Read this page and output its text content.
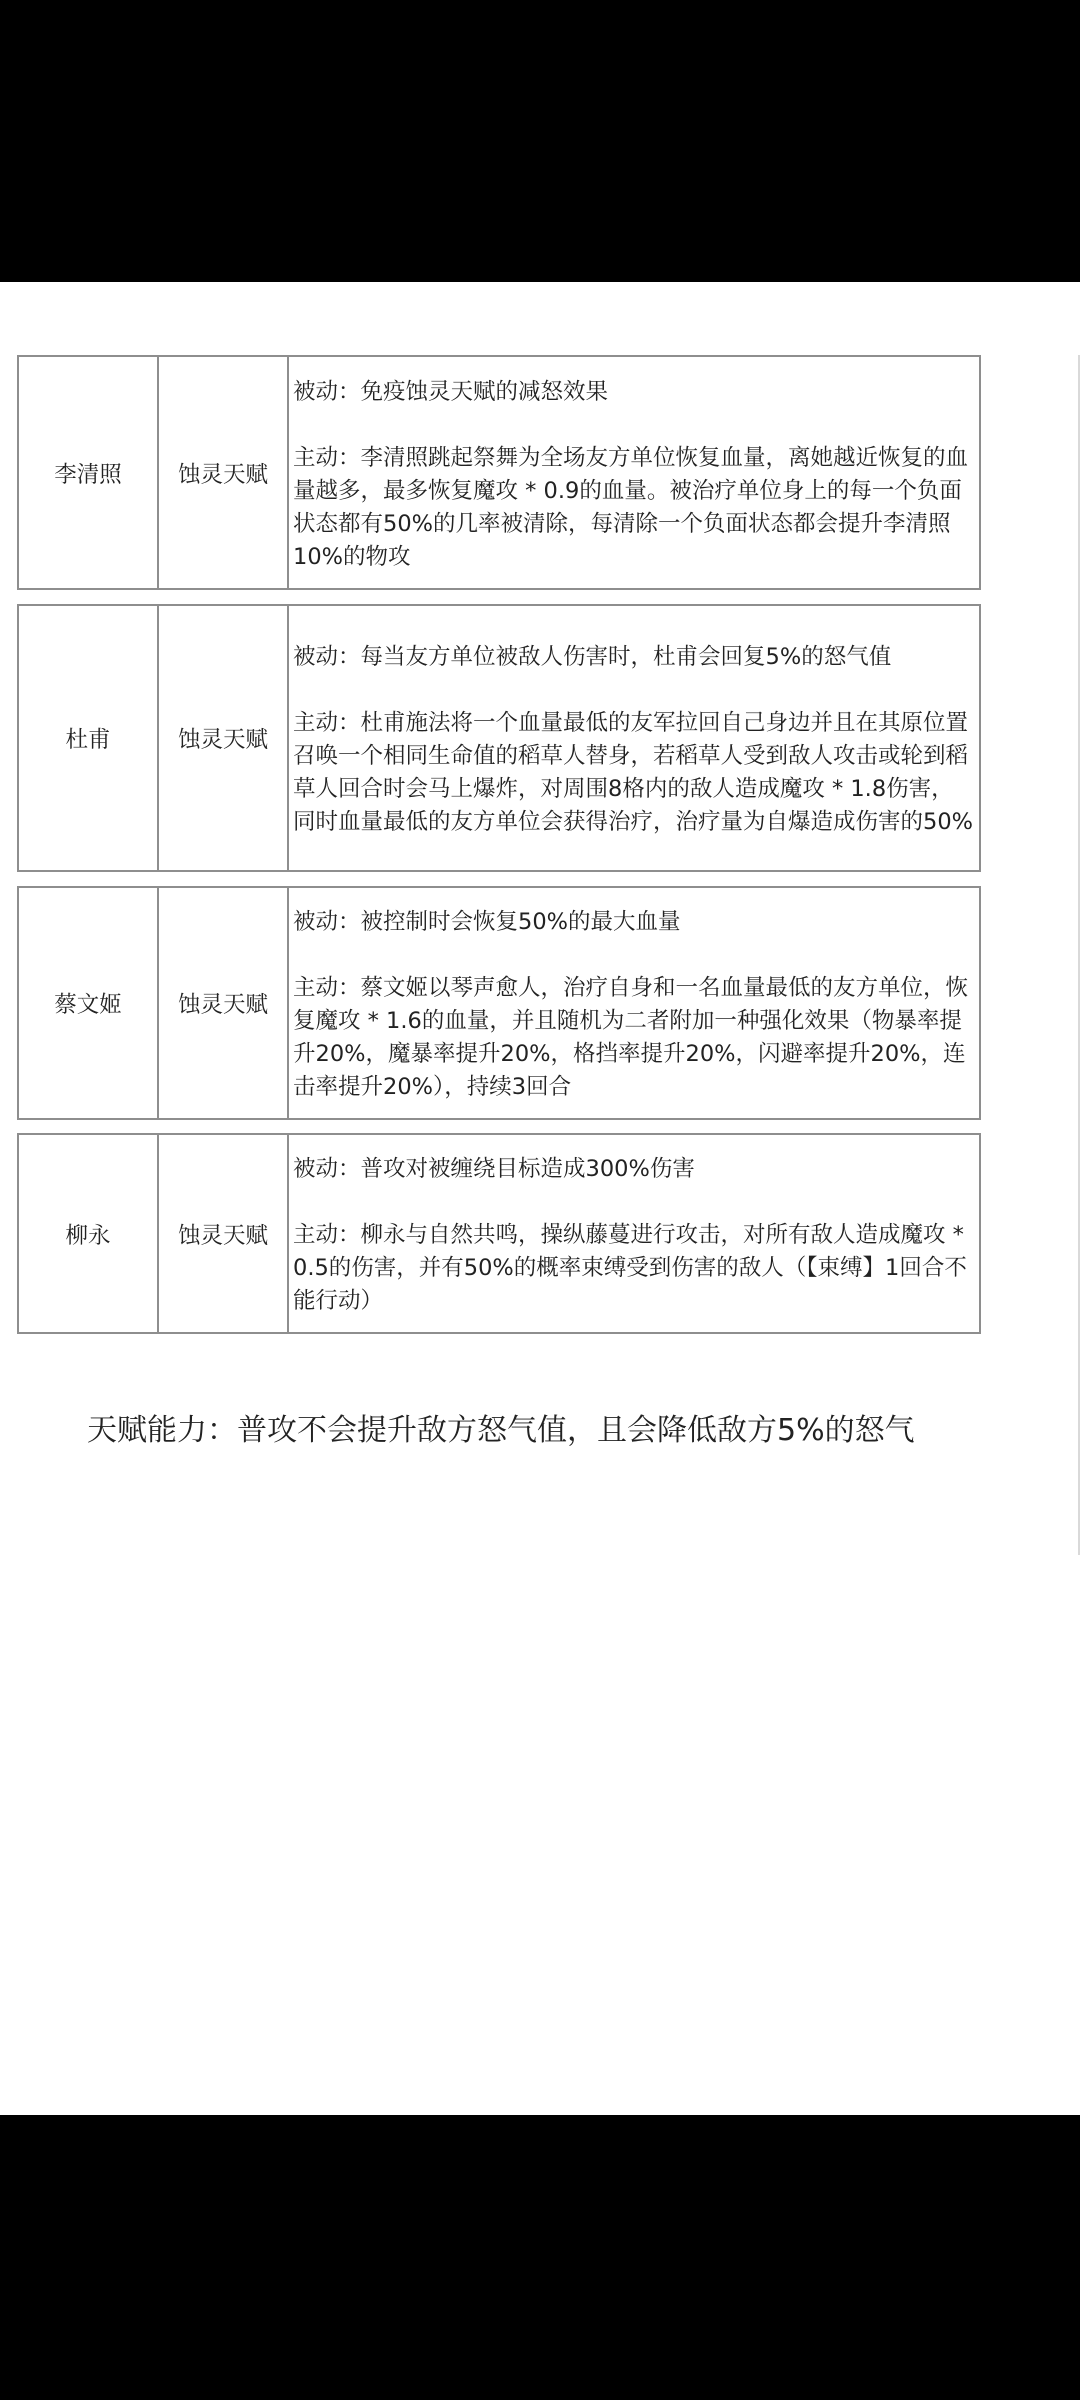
李清照	蚀灵天赋	
被动：免疫蚀灵天赋的减怒效果
主动：李清照跳起祭舞为全场友方单位恢复血量，离她越近恢复的血量越多，最多恢复魔攻 * 0.9的血量。被治疗单位身上的每一个负面状态都有50%的几率被清除，每清除一个负面状态都会提升李清照10%的物攻
杜甫	蚀灵天赋	
被动：每当友方单位被敌人伤害时，杜甫会回复5%的怒气值
主动：杜甫施法将一个血量最低的友军拉回自己身边并且在其原位置召唤一个相同生命值的稻草人替身，若稻草人受到敌人攻击或轮到稻草人回合时会马上爆炸，对周围8格内的敌人造成魔攻 * 1.8伤害，同时血量最低的友方单位会获得治疗，治疗量为自爆造成伤害的50%
蔡文姬	蚀灵天赋	
被动：被控制时会恢复50%的最大血量
主动：蔡文姬以琴声愈人，治疗自身和一名血量最低的友方单位，恢复魔攻 * 1.6的血量，并且随机为二者附加一种强化效果（物暴率提升20%，魔暴率提升20%，格挡率提升20%，闪避率提升20%，连击率提升20%），持续3回合
柳永	蚀灵天赋	
被动：普攻对被缠绕目标造成300%伤害
主动：柳永与自然共鸣，操纵藤蔓进行攻击，对所有敌人造成魔攻 * 0.5的伤害，并有50%的概率束缚受到伤害的敌人（【束缚】1回合不能行动）
天赋能力：普攻不会提升敌方怒气值，且会降低敌方5%的怒气
